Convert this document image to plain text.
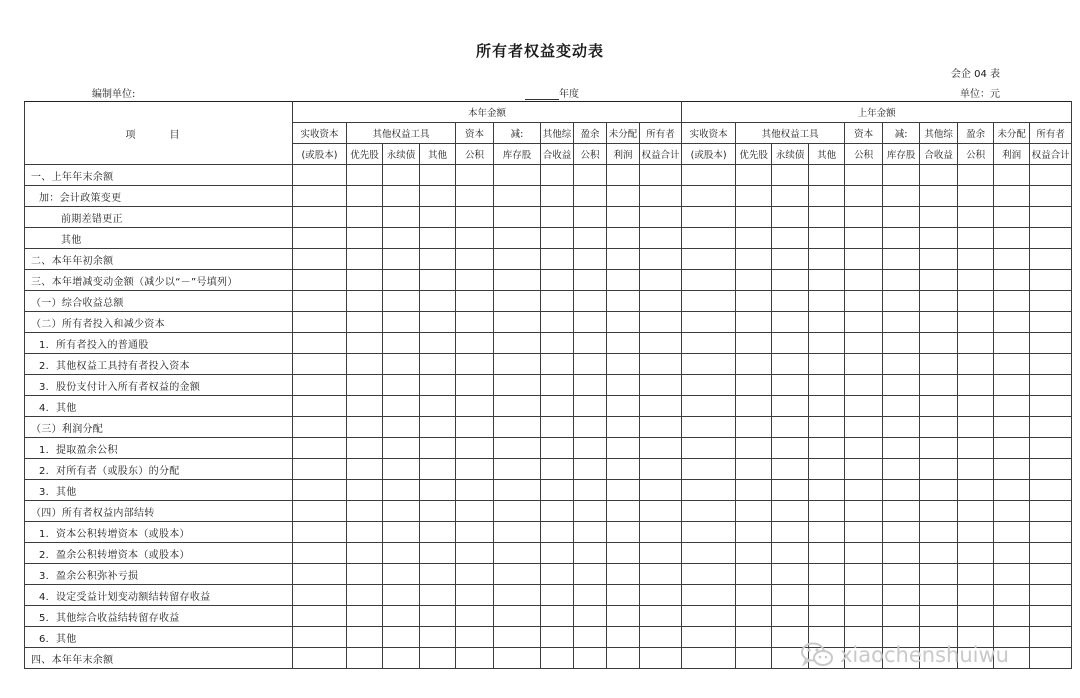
所有者权益变动表
会企 04 表
编制单位:	年度	单位：元
项　目	本年金额										上年金额									
	实收资本	其他权益工具			资本	减:	其他综	盈余	未分配	所有者	实收资本	其他权益工具			资本	减:	其他综	盈余	未分配	所有者
	(或股本)	优先股	永续债	其他	公积	库存股	合收益	公积	利润	权益合计	(或股本)	优先股	永续债	其他	公积	库存股	合收益	公积	利润	权益合计
一、上年年末余额																				
加：会计政策变更																				
前期差错更正																				
其他																				
二、本年年初余额																				
三、本年增减变动金额（减少以“－”号填列）																				
（一）综合收益总额																				
（二）所有者投入和减少资本																				
1．所有者投入的普通股																				
2．其他权益工具持有者投入资本																				
3．股份支付计入所有者权益的金额																				
4．其他																				
（三）利润分配																				
1．提取盈余公积																				
2．对所有者（或股东）的分配																				
3．其他																				
（四）所有者权益内部结转																				
1．资本公积转增资本（或股本）																				
2．盈余公积转增资本（或股本）																				
3．盈余公积弥补亏损																				
4．设定受益计划变动额结转留存收益																				
5．其他综合收益结转留存收益																				
6．其他																				
四、本年年末余额																					xiaochenshuiwu
